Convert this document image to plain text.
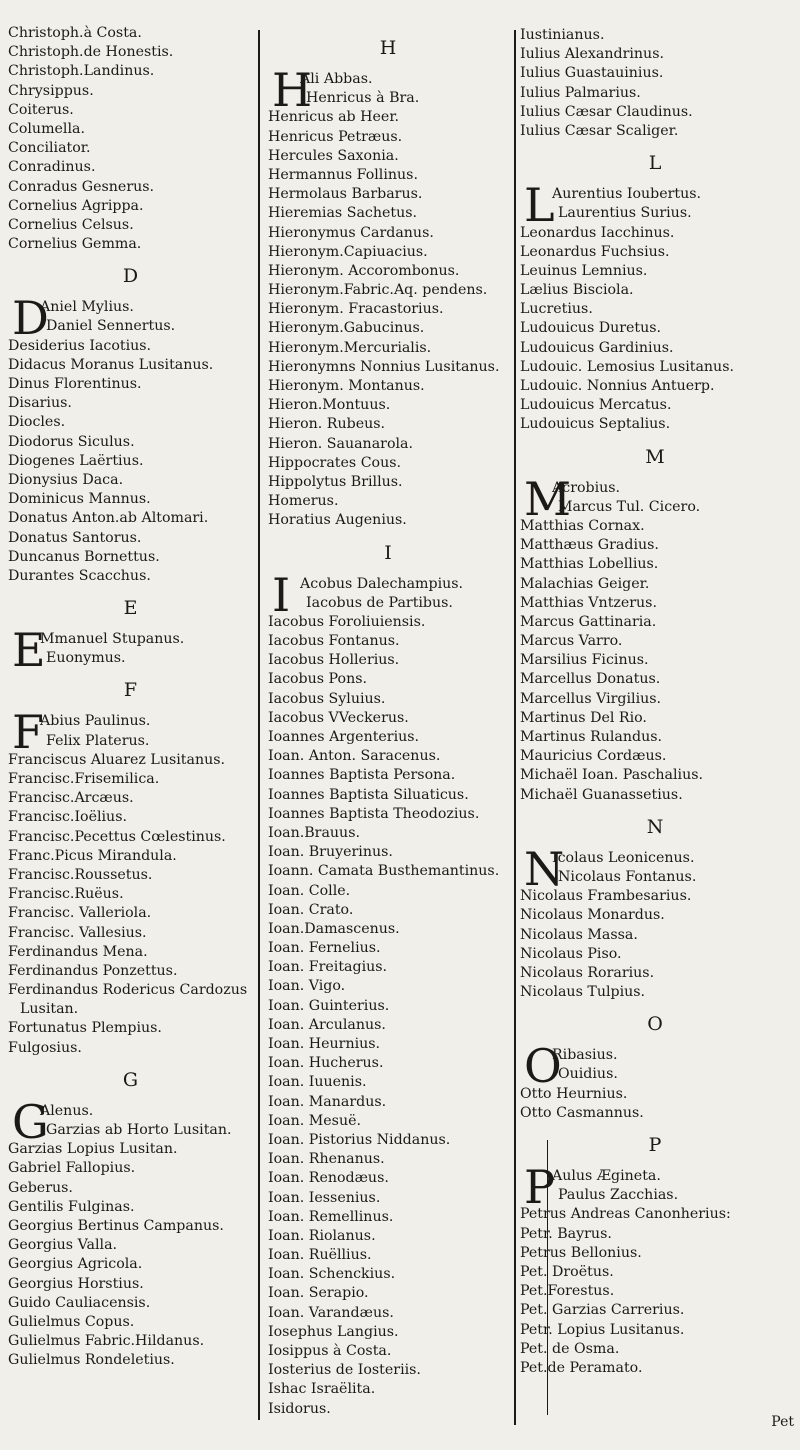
Christoph.à Costa.
Christoph.de Honestis.
Christoph.Landinus.
Chrysippus.
Coiterus.
Columella.
Conciliator.
Conradinus.
Conradus Gesnerus.
Cornelius Agrippa.
Cornelius Celsus.
Cornelius Gemma.
D
D
Aniel Mylius.
Daniel Sennertus.
Desiderius Iacotius.
Didacus Moranus Lusitanus.
Dinus Florentinus.
Disarius.
Diocles.
Diodorus Siculus.
Diogenes Laërtius.
Dionysius Daca.
Dominicus Mannus.
Donatus Anton.ab Altomari.
Donatus Santorus.
Duncanus Bornettus.
Durantes Scacchus.
E
E
Mmanuel Stupanus.
Euonymus.
F
F
Abius Paulinus.
Felix Platerus.
Franciscus Aluarez Lusitanus.
Francisc.Frisemilica.
Francisc.Arcæus.
Francisc.Ioëlius.
Francisc.Pecettus Cœlestinus.
Franc.Picus Mirandula.
Francisc.Roussetus.
Francisc.Ruëus.
Francisc. Valleriola.
Francisc. Vallesius.
Ferdinandus Mena.
Ferdinandus Ponzettus.
Ferdinandus Rodericus Cardozus
Lusitan.
Fortunatus Plempius.
Fulgosius.
G
G
Alenus.
Garzias ab Horto Lusitan.
Garzias Lopius Lusitan.
Gabriel Fallopius.
Geberus.
Gentilis Fulginas.
Georgius Bertinus Campanus.
Georgius Valla.
Georgius Agricola.
Georgius Horstius.
Guido Cauliacensis.
Gulielmus Copus.
Gulielmus Fabric.Hildanus.
Gulielmus Rondeletius.
H
H
Ali Abbas.
Henricus à Bra.
Henricus ab Heer.
Henricus Petræus.
Hercules Saxonia.
Hermannus Follinus.
Hermolaus Barbarus.
Hieremias Sachetus.
Hieronymus Cardanus.
Hieronym.Capiuacius.
Hieronym. Accorombonus.
Hieronym.Fabric.Aq. pendens.
Hieronym. Fracastorius.
Hieronym.Gabucinus.
Hieronym.Mercurialis.
Hieronymns Nonnius Lusitanus.
Hieronym. Montanus.
Hieron.Montuus.
Hieron. Rubeus.
Hieron. Sauanarola.
Hippocrates Cous.
Hippolytus Brillus.
Homerus.
Horatius Augenius.
I
I Acobus Dalechampius.
Iacobus de Partibus.
Iacobus Foroliuiensis.
Iacobus Fontanus.
Iacobus Hollerius.
Iacobus Pons.
Iacobus Syluius.
Iacobus VVeckerus.
Ioannes Argenterius.
Ioan. Anton. Saracenus.
Ioannes Baptista Persona.
Ioannes Baptista Siluaticus.
Ioannes Baptista Theodozius.
Ioan.Brauus.
Ioan. Bruyerinus.
Ioann. Camata Busthemantinus.
Ioan. Colle.
Ioan. Crato.
Ioan.Damascenus.
Ioan. Fernelius.
Ioan. Freitagius.
Ioan. Vigo.
Ioan. Guinterius.
Ioan. Arculanus.
Ioan. Heurnius.
Ioan. Hucherus.
Ioan. Iuuenis.
Ioan. Manardus.
Ioan. Mesuë.
Ioan. Pistorius Niddanus.
Ioan. Rhenanus.
Ioan. Renodæus.
Ioan. Iessenius.
Ioan. Remellinus.
Ioan. Riolanus.
Ioan. Ruëllius.
Ioan. Schenckius.
Ioan. Serapio.
Ioan. Varandæus.
Iosephus Langius.
Iosippus à Costa.
Iosterius de Iosteriis.
Ishac Israëlita.
Isidorus.
Iustinianus.
Iulius Alexandrinus.
Iulius Guastauinius.
Iulius Palmarius.
Iulius Cæsar Claudinus.
Iulius Cæsar Scaliger.
L
L
Aurentius Ioubertus.
Laurentius Surius.
Leonardus Iacchinus.
Leonardus Fuchsius.
Leuinus Lemnius.
Lælius Bisciola.
Lucretius.
Ludouicus Duretus.
Ludouicus Gardinius.
Ludouic. Lemosius Lusitanus.
Ludouic. Nonnius Antuerp.
Ludouicus Mercatus.
Ludouicus Septalius.
M
M
Acrobius.
Marcus Tul. Cicero.
Matthias Cornax.
Matthæus Gradius.
Matthias Lobellius.
Malachias Geiger.
Matthias Vntzerus.
Marcus Gattinaria.
Marcus Varro.
Marsilius Ficinus.
Marcellus Donatus.
Marcellus Virgilius.
Martinus Del Rio.
Martinus Rulandus.
Mauricius Cordæus.
Michaël Ioan. Paschalius.
Michaël Guanassetius.
N
N
Icolaus Leonicenus.
Nicolaus Fontanus.
Nicolaus Frambesarius.
Nicolaus Monardus.
Nicolaus Massa.
Nicolaus Piso.
Nicolaus Rorarius.
Nicolaus Tulpius.
O
O
Ribasius.
Ouidius.
Otto Heurnius.
Otto Casmannus.
P
P
Aulus Ægineta.
Paulus Zacchias.
Petrus Andreas Canonherius:
Petr. Bayrus.
Petrus Bellonius.
Pet. Droëtus.
Pet.Forestus.
Pet. Garzias Carrerius.
Petr. Lopius Lusitanus.
Pet. de Osma.
Pet.de Peramato.
Pet
